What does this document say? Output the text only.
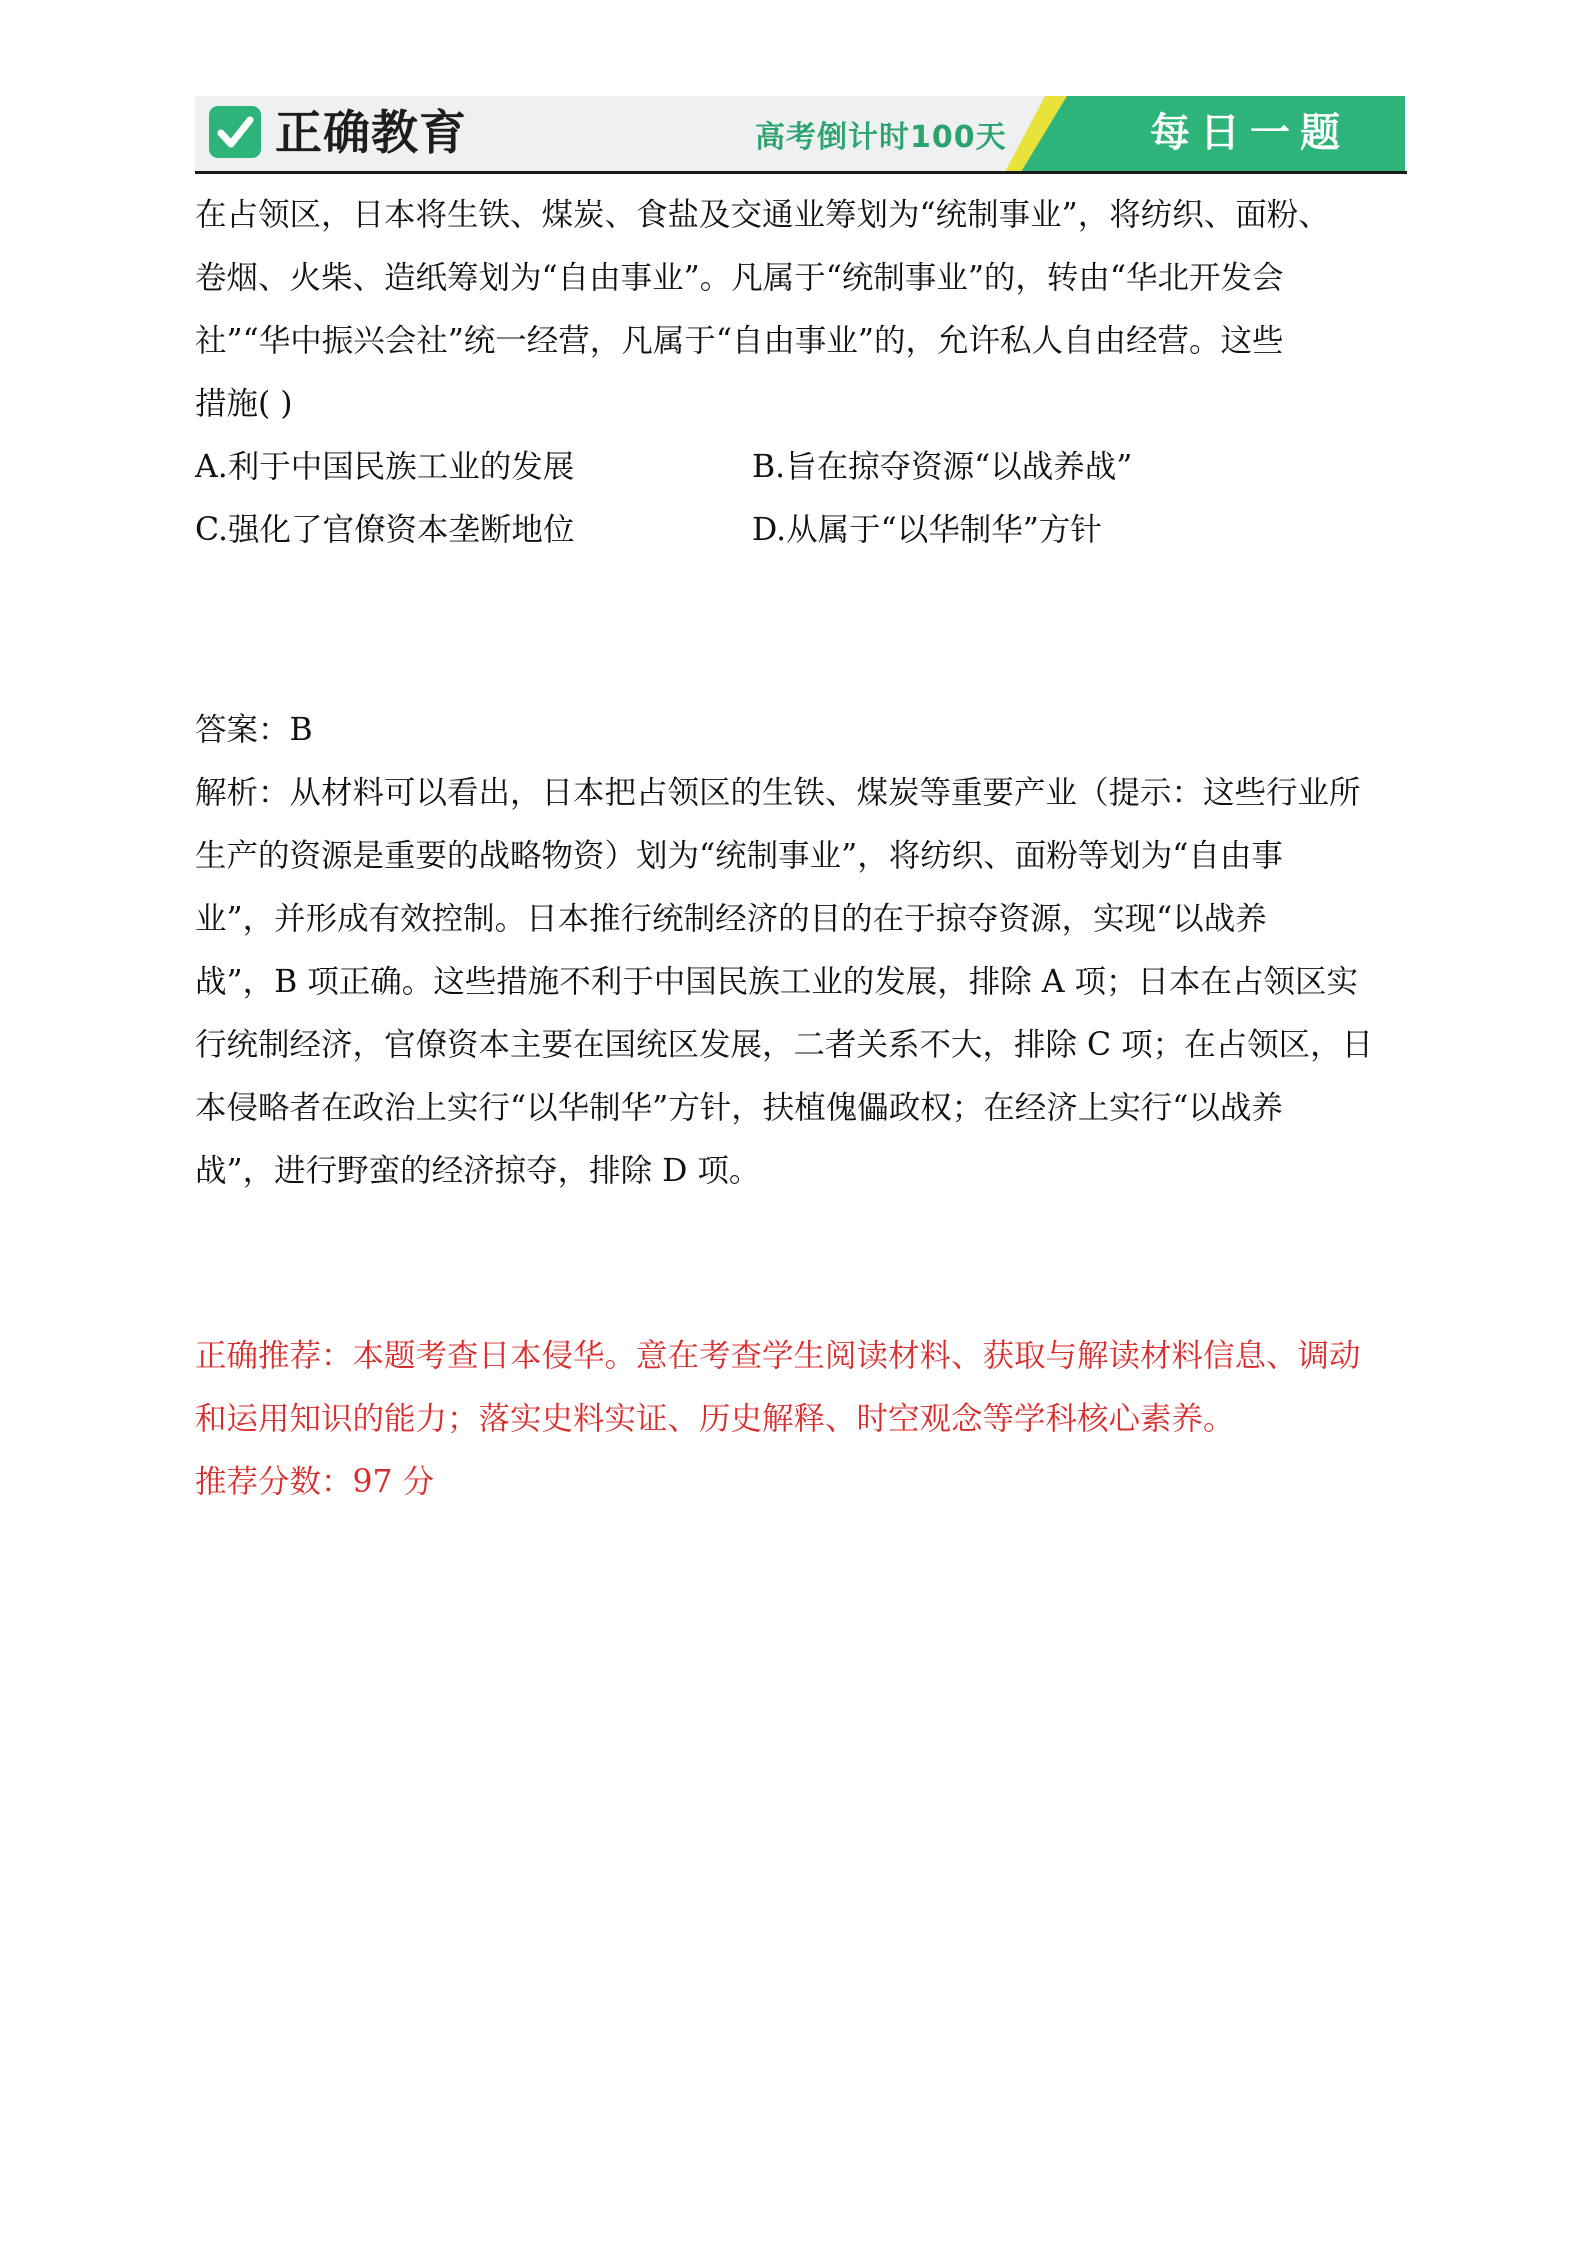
正确教育	高考倒计时100天	每日一题

在占领区，日本将生铁、煤炭、食盐及交通业筹划为“统制事业”，将纺织、面粉、

卷烟、火柴、造纸筹划为“自由事业”。凡属于“统制事业”的，转由“华北开发会

社”“华中振兴会社”统一经营，凡属于“自由事业”的，允许私人自由经营。这些

措施( )

A.利于中国民族工业的发展	B.旨在掠夺资源“以战养战”

C.强化了官僚资本垄断地位	D.从属于“以华制华”方针

答案：B

解析：从材料可以看出，日本把占领区的生铁、煤炭等重要产业（提示：这些行业所

生产的资源是重要的战略物资）划为“统制事业”，将纺织、面粉等划为“自由事

业”，并形成有效控制。日本推行统制经济的目的在于掠夺资源，实现“以战养

战”，B 项正确。这些措施不利于中国民族工业的发展，排除 A 项；日本在占领区实

行统制经济，官僚资本主要在国统区发展，二者关系不大，排除 C 项；在占领区，日

本侵略者在政治上实行“以华制华”方针，扶植傀儡政权；在经济上实行“以战养

战”，进行野蛮的经济掠夺，排除 D 项。

正确推荐：本题考查日本侵华。意在考查学生阅读材料、获取与解读材料信息、调动

和运用知识的能力；落实史料实证、历史解释、时空观念等学科核心素养。

推荐分数：97 分
